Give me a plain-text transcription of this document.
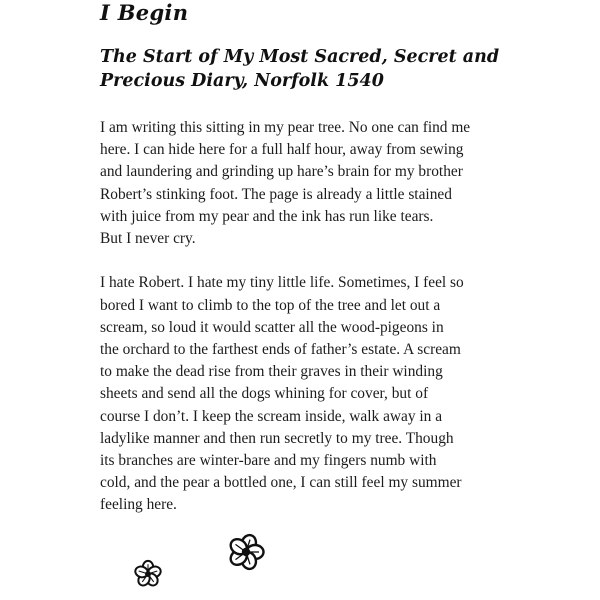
I Begin
The Start of My Most Sacred, Secret and
Precious Diary, Norfolk 1540

I am writing this sitting in my pear tree. No one can find me
here. I can hide here for a full half hour, away from sewing
and laundering and grinding up hare’s brain for my brother
Robert’s stinking foot. The page is already a little stained
with juice from my pear and the ink has run like tears.
But I never cry.

I hate Robert. I hate my tiny little life. Sometimes, I feel so
bored I want to climb to the top of the tree and let out a
scream, so loud it would scatter all the wood-pigeons in
the orchard to the farthest ends of father’s estate. A scream
to make the dead rise from their graves in their winding
sheets and send all the dogs whining for cover, but of
course I don’t. I keep the scream inside, walk away in a
ladylike manner and then run secretly to my tree. Though
its branches are winter-bare and my fingers numb with
cold, and the pear a bottled one, I can still feel my summer
feeling here.
